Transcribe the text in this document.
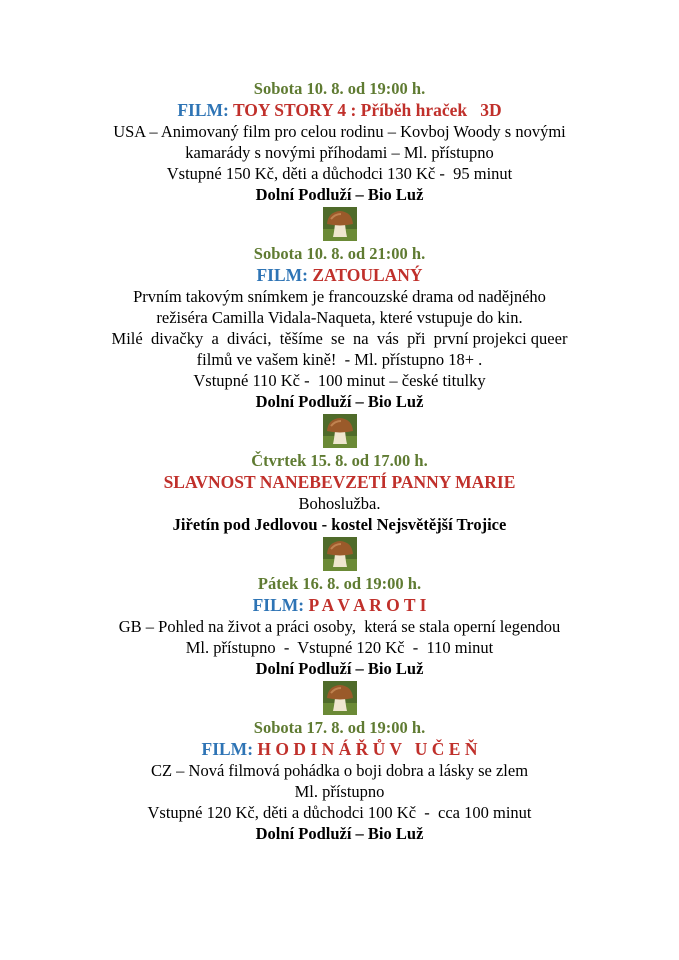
Sobota 10. 8. od 19:00 h.
FILM: TOY STORY 4 : Příběh hraček   3D
USA – Animovaný film pro celou rodinu – Kovboj Woody s novými
kamarády s novými příhodami – Ml. přístupno
Vstupné 150 Kč, děti a důchodci 130 Kč -  95 minut
Dolní Podluží – Bio Luž
Sobota 10. 8. od 21:00 h.
FILM: ZATOULANÝ
Prvním takovým snímkem je francouzské drama od nadějného
režiséra Camilla Vidala-Naqueta, které vstupuje do kin.
Milé  divačky  a  diváci,  těšíme  se  na  vás  při  první projekci queer
filmů ve vašem kině!  - Ml. přístupno 18+ .
Vstupné 110 Kč -  100 minut – české titulky
Dolní Podluží – Bio Luž
Čtvrtek 15. 8. od 17.00 h.
SLAVNOST NANEBEVZETÍ PANNY MARIE
Bohoslužba.
Jiřetín pod Jedlovou - kostel Nejsvětější Trojice
Pátek 16. 8. od 19:00 h.
FILM: P A V A R O T I
GB – Pohled na život a práci osoby,  která se stala operní legendou
Ml. přístupno  -  Vstupné 120 Kč  -  110 minut
Dolní Podluží – Bio Luž
Sobota 17. 8. od 19:00 h.
FILM: H O D I N Á Ř Ů V   U Č E Ň
CZ – Nová filmová pohádka o boji dobra a lásky se zlem
Ml. přístupno
Vstupné 120 Kč, děti a důchodci 100 Kč  -  cca 100 minut
Dolní Podluží – Bio Luž
